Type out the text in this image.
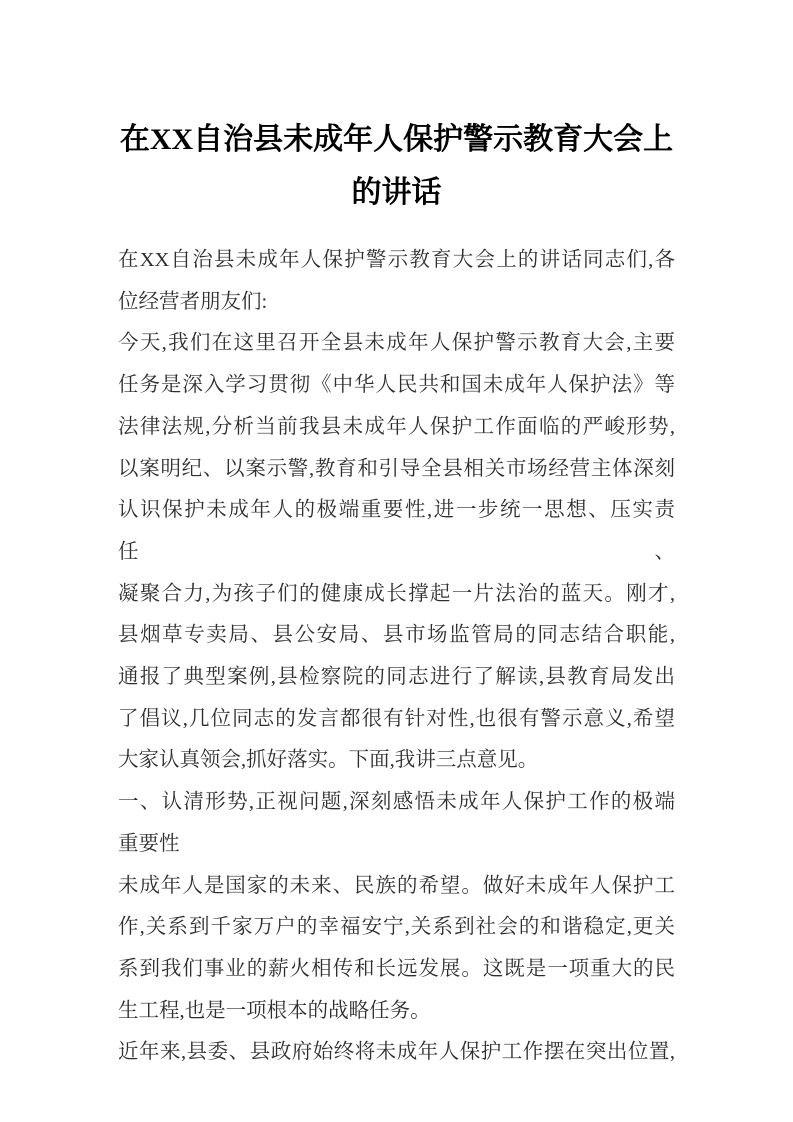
在XX自治县未成年人保护警示教育大会上
的讲话
在XX自治县未成年人保护警示教育大会上的讲话同志们,各
位经营者朋友们:
今天,我们在这里召开全县未成年人保护警示教育大会,主要
任务是深入学习贯彻《中华人民共和国未成年人保护法》等
法律法规,分析当前我县未成年人保护工作面临的严峻形势,
以案明纪、以案示警,教育和引导全县相关市场经营主体深刻
认识保护未成年人的极端重要性,进一步统一思想、压实责任、
凝聚合力,为孩子们的健康成长撑起一片法治的蓝天。刚才,
县烟草专卖局、县公安局、县市场监管局的同志结合职能,
通报了典型案例,县检察院的同志进行了解读,县教育局发出
了倡议,几位同志的发言都很有针对性,也很有警示意义,希望
大家认真领会,抓好落实。下面,我讲三点意见。
一、认清形势,正视问题,深刻感悟未成年人保护工作的极端
重要性
未成年人是国家的未来、民族的希望。做好未成年人保护工
作,关系到千家万户的幸福安宁,关系到社会的和谐稳定,更关
系到我们事业的薪火相传和长远发展。这既是一项重大的民
生工程,也是一项根本的战略任务。
近年来,县委、县政府始终将未成年人保护工作摆在突出位置,
